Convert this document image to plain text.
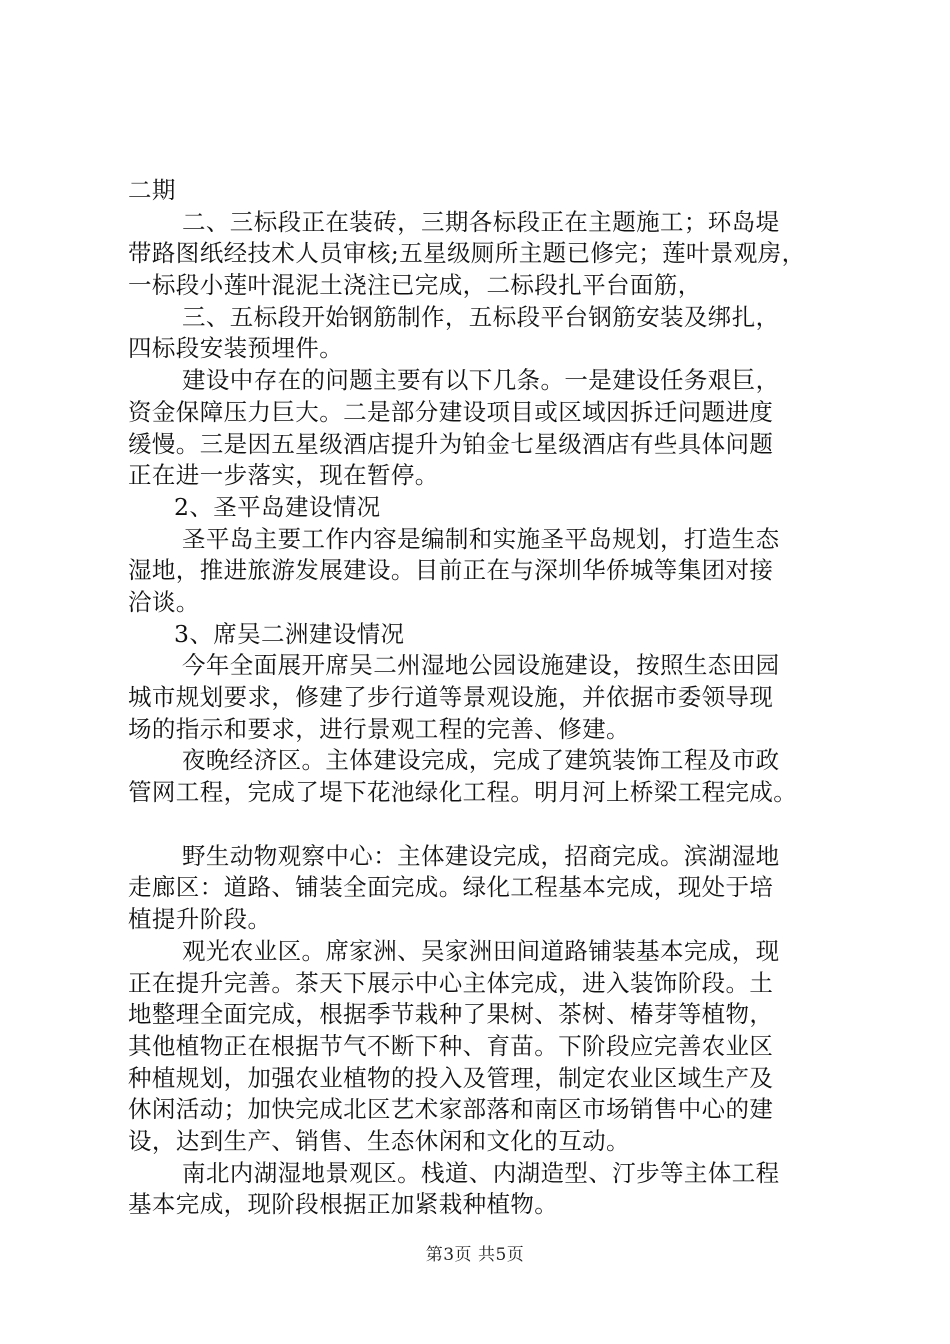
二期
二、三标段正在装砖，三期各标段正在主题施工；环岛堤
带路图纸经技术人员审核;五星级厕所主题已修完；莲叶景观房，
一标段小莲叶混泥土浇注已完成，二标段扎平台面筋，
三、五标段开始钢筋制作，五标段平台钢筋安装及绑扎，
四标段安装预埋件。
建设中存在的问题主要有以下几条。一是建设任务艰巨，
资金保障压力巨大。二是部分建设项目或区域因拆迁问题进度
缓慢。三是因五星级酒店提升为铂金七星级酒店有些具体问题
正在进一步落实，现在暂停。
2、圣平岛建设情况
圣平岛主要工作内容是编制和实施圣平岛规划，打造生态
湿地，推进旅游发展建设。目前正在与深圳华侨城等集团对接
洽谈。
3、席吴二洲建设情况
今年全面展开席吴二州湿地公园设施建设，按照生态田园
城市规划要求，修建了步行道等景观设施，并依据市委领导现
场的指示和要求，进行景观工程的完善、修建。
夜晚经济区。主体建设完成，完成了建筑装饰工程及市政
管网工程，完成了堤下花池绿化工程。明月河上桥梁工程完成。
野生动物观察中心：主体建设完成，招商完成。滨湖湿地
走廊区：道路、铺装全面完成。绿化工程基本完成，现处于培
植提升阶段。
观光农业区。席家洲、吴家洲田间道路铺装基本完成，现
正在提升完善。茶天下展示中心主体完成，进入装饰阶段。土
地整理全面完成，根据季节栽种了果树、茶树、椿芽等植物，
其他植物正在根据节气不断下种、育苗。下阶段应完善农业区
种植规划，加强农业植物的投入及管理，制定农业区域生产及
休闲活动；加快完成北区艺术家部落和南区市场销售中心的建
设，达到生产、销售、生态休闲和文化的互动。
南北内湖湿地景观区。栈道、内湖造型、汀步等主体工程
基本完成，现阶段根据正加紧栽种植物。
第3页 共5页
